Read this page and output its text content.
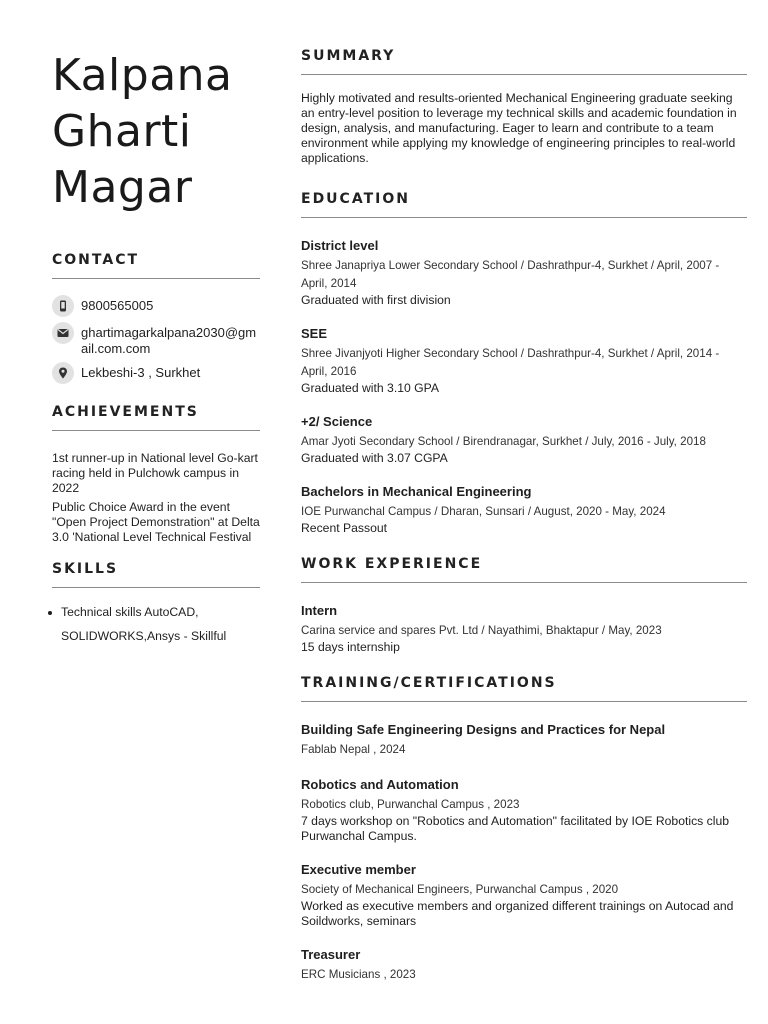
Kalpana
Gharti
Magar
CONTACT
9800565005
ghartimagarkalpana2030@gmail.com.com
Lekbeshi-3 , Surkhet
ACHIEVEMENTS

1st runner-up in National level Go-kart racing held in Pulchowk campus in 2022

Public Choice Award in the event "Open Project Demonstration" at Delta 3.0 'National Level Technical Festival

SKILLS
Technical skills AutoCAD, SOLIDWORKS,Ansys - Skillful
SUMMARY

Highly motivated and results-oriented Mechanical Engineering graduate seeking an entry-level position to leverage my technical skills and academic foundation in design, analysis, and manufacturing. Eager to learn and contribute to a team environment while applying my knowledge of engineering principles to real-world applications.

EDUCATION
District level
Shree Janapriya Lower Secondary School / Dashrathpur-4, Surkhet / April, 2007 - April, 2014
Graduated with first division
SEE
Shree Jivanjyoti Higher Secondary School / Dashrathpur-4, Surkhet / April, 2014 - April, 2016
Graduated with 3.10 GPA
+2/ Science
Amar Jyoti Secondary School / Birendranagar, Surkhet / July, 2016 - July, 2018
Graduated with 3.07 CGPA
Bachelors in Mechanical Engineering
IOE Purwanchal Campus / Dharan, Sunsari / August, 2020 - May, 2024
Recent Passout
WORK EXPERIENCE
Intern
Carina service and spares Pvt. Ltd / Nayathimi, Bhaktapur / May, 2023
15 days internship
TRAINING/CERTIFICATIONS
Building Safe Engineering Designs and Practices for Nepal
Fablab Nepal , 2024
Robotics and Automation
Robotics club, Purwanchal Campus , 2023
7 days workshop on "Robotics and Automation" facilitated by IOE Robotics club Purwanchal Campus.
Executive member
Society of Mechanical Engineers, Purwanchal Campus , 2020
Worked as executive members and organized different trainings on Autocad and Soildworks, seminars
Treasurer
ERC Musicians , 2023
